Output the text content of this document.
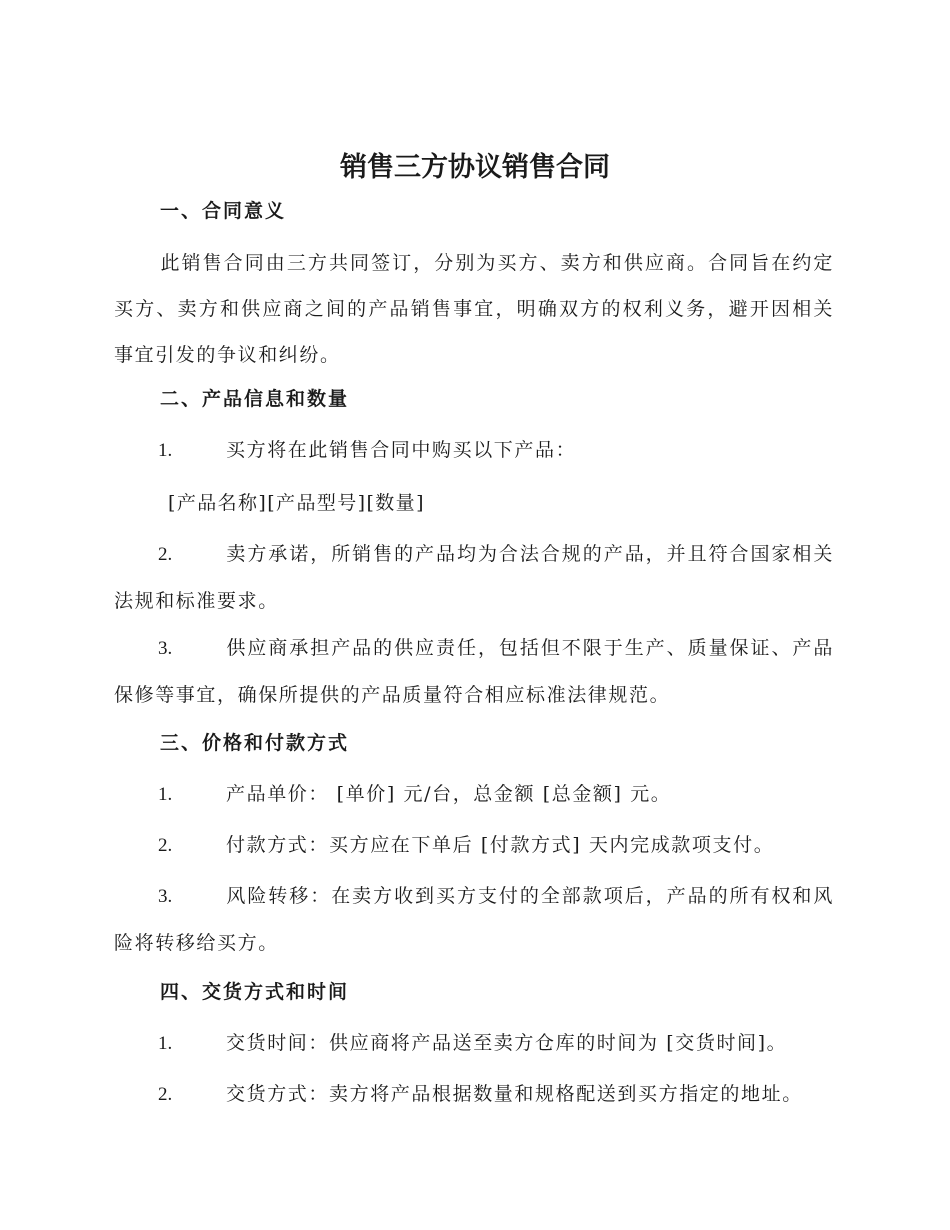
销售三方协议销售合同
一、合同意义
此销售合同由三方共同签订，分别为买方、卖方和供应商。合同旨在约定买方、卖方和供应商之间的产品销售事宜，明确双方的权利义务，避开因相关事宜引发的争议和纠纷。
二、产品信息和数量
1.	买方将在此销售合同中购买以下产品：
[产品名称][产品型号][数量]
2.	卖方承诺，所销售的产品均为合法合规的产品，并且符合国家相关法规和标准要求。
3.	供应商承担产品的供应责任，包括但不限于生产、质量保证、产品保修等事宜，确保所提供的产品质量符合相应标准法律规范。
三、价格和付款方式
1.	产品单价： [单价] 元/台，总金额 [总金额] 元。
2.	付款方式：买方应在下单后 [付款方式] 天内完成款项支付。
3.	风险转移：在卖方收到买方支付的全部款项后，产品的所有权和风险将转移给买方。
四、交货方式和时间
1.	交货时间：供应商将产品送至卖方仓库的时间为 [交货时间]。
2.	交货方式：卖方将产品根据数量和规格配送到买方指定的地址。
